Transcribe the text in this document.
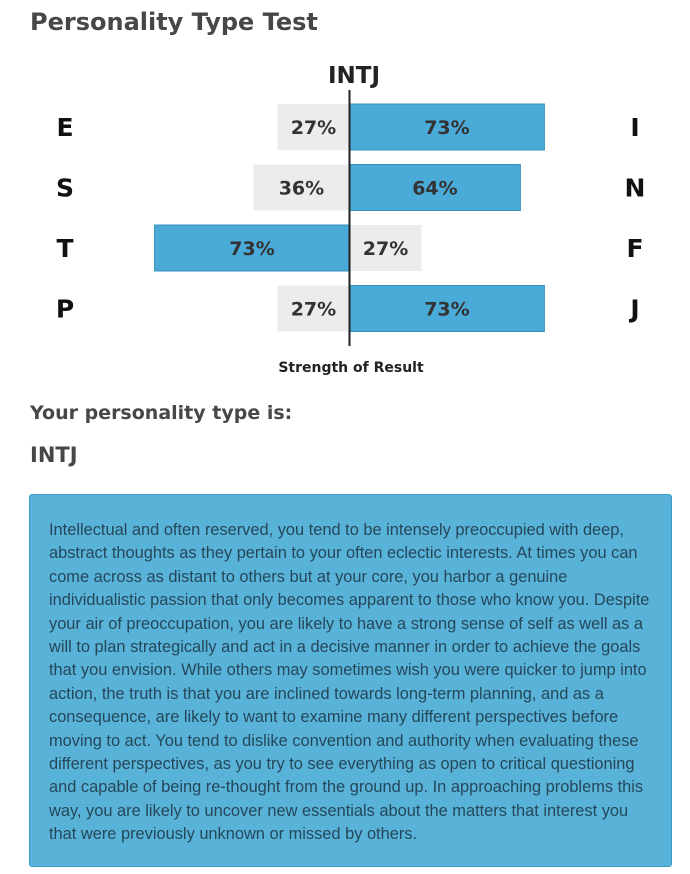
Personality Type Test
INTJ
27%	73%
36%	64%
73%	27%
27%	73%
E	I
S	N
T	F
P	J
Strength of Result
Your personality type is:
INTJ

Intellectual and often reserved, you tend to be intensely preoccupied with deep, abstract thoughts as they pertain to your often eclectic interests. At times you can come across as distant to others but at your core, you harbor a genuine individualistic passion that only becomes apparent to those who know you. Despite your air of preoccupation, you are likely to have a strong sense of self as well as a will to plan strategically and act in a decisive manner in order to achieve the goals that you envision. While others may sometimes wish you were quicker to jump into action, the truth is that you are inclined towards long-term planning, and as a consequence, are likely to want to examine many different perspectives before moving to act. You tend to dislike convention and authority when evaluating these different perspectives, as you try to see everything as open to critical questioning and capable of being re-thought from the ground up. In approaching problems this way, you are likely to uncover new essentials about the matters that interest you that were previously unknown or missed by others.
